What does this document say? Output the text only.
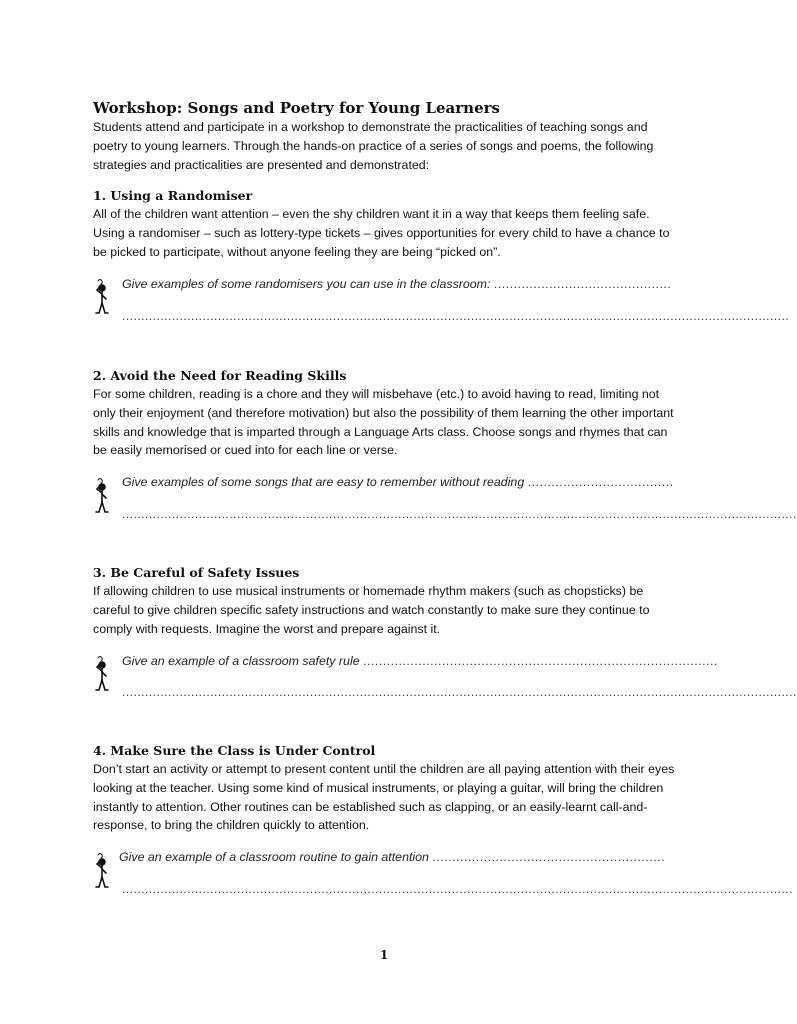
Workshop: Songs and Poetry for Young Learners

Students attend and participate in a workshop to demonstrate the practicalities of teaching songs and poetry to young learners. Through the hands-on practice of a series of songs and poems, the following strategies and practicalities are presented and demonstrated:

1. Using a Randomiser

All of the children want attention – even the shy children want it in a way that keeps them feeling safe. Using a randomiser – such as lottery-type tickets – gives opportunities for every child to have a chance to be picked to participate, without anyone feeling they are being “picked on”.

Give examples of some randomisers you can use in the classroom: .............................................
..............................................................................................................................................................................

2. Avoid the Need for Reading Skills

For some children, reading is a chore and they will misbehave (etc.) to avoid having to read, limiting not only their enjoyment (and therefore motivation) but also the possibility of them learning the other important skills and knowledge that is imparted through a Language Arts class. Choose songs and rhymes that can be easily memorised or cued into for each line or verse.

Give examples of some songs that are easy to remember without reading .....................................
................................................................................................................................................................................

3. Be Careful of Safety Issues

If allowing children to use musical instruments or homemade rhythm makers (such as chopsticks) be careful to give children specific safety instructions and watch constantly to make sure they continue to comply with requests. Imagine the worst and prepare against it.

Give an example of a classroom safety rule ..........................................................................................
................................................................................................................................................................................

4. Make Sure the Class is Under Control

Don’t start an activity or attempt to present content until the children are all paying attention with their eyes looking at the teacher. Using some kind of musical instruments, or playing a guitar, will bring the children instantly to attention. Other routines can be established such as clapping, or an easily-learnt call-and-response, to bring the children quickly to attention.

Give an example of a classroom routine to gain attention ...........................................................
...............................................................................................................................................................................
1
